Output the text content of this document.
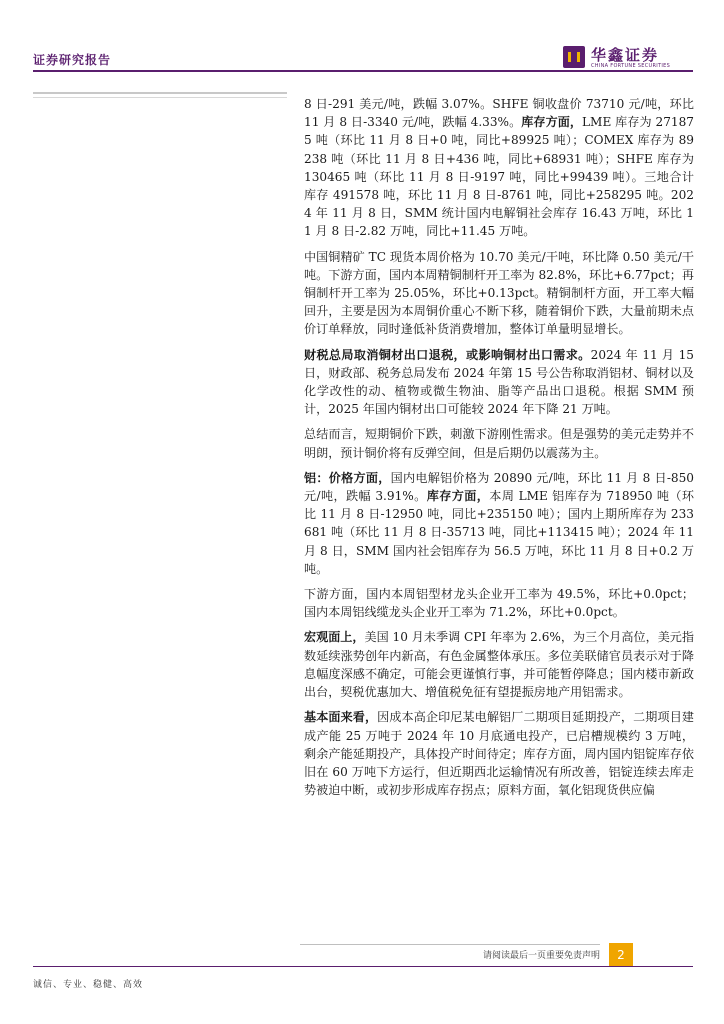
证券研究报告	华鑫证券
CHINA FORTUNE SECURITIES

8 日-291 美元/吨，跌幅 3.07%。SHFE 铜收盘价 73710 元/吨，环比 11 月 8 日-3340 元/吨，跌幅 4.33%。库存方面，LME 库存为 271875 吨（环比 11 月 8 日+0 吨，同比+89925 吨）；COMEX 库存为 89238 吨（环比 11 月 8 日+436 吨，同比+68931 吨）；SHFE 库存为 130465 吨（环比 11 月 8 日-9197 吨，同比+99439 吨）。三地合计库存 491578 吨，环比 11 月 8 日-8761 吨，同比+258295 吨。2024 年 11 月 8 日，SMM 统计国内电解铜社会库存 16.43 万吨，环比 11 月 8 日-2.82 万吨，同比+11.45 万吨。

中国铜精矿 TC 现货本周价格为 10.70 美元/干吨，环比降 0.50 美元/干吨。下游方面，国内本周精铜制杆开工率为 82.8%，环比+6.77pct；再铜制杆开工率为 25.05%，环比+0.13pct。精铜制杆方面，开工率大幅回升，主要是因为本周铜价重心不断下移，随着铜价下跌，大量前期未点价订单释放，同时逢低补货消费增加，整体订单量明显增长。

财税总局取消铜材出口退税，或影响铜材出口需求。2024 年 11 月 15 日，财政部、税务总局发布 2024 年第 15 号公告称取消铝材、铜材以及化学改性的动、植物或微生物油、脂等产品出口退税。根据 SMM 预计，2025 年国内铜材出口可能较 2024 年下降 21 万吨。

总结而言，短期铜价下跌，刺激下游刚性需求。但是强势的美元走势并不明朗，预计铜价将有反弹空间，但是后期仍以震荡为主。

铝：价格方面，国内电解铝价格为 20890 元/吨，环比 11 月 8 日-850 元/吨，跌幅 3.91%。库存方面，本周 LME 铝库存为 718950 吨（环比 11 月 8 日-12950 吨，同比+235150 吨）；国内上期所库存为 233681 吨（环比 11 月 8 日-35713 吨，同比+113415 吨）；2024 年 11 月 8 日，SMM 国内社会铝库存为 56.5 万吨，环比 11 月 8 日+0.2 万吨。

下游方面，国内本周铝型材龙头企业开工率为 49.5%，环比+0.0pct；国内本周铝线缆龙头企业开工率为 71.2%，环比+0.0pct。

宏观面上，美国 10 月未季调 CPI 年率为 2.6%，为三个月高位，美元指数延续涨势创年内新高，有色金属整体承压。多位美联储官员表示对于降息幅度深感不确定，可能会更谨慎行事，并可能暂停降息；国内楼市新政出台，契税优惠加大、增值税免征有望提振房地产用铝需求。

基本面来看，因成本高企印尼某电解铝厂二期项目延期投产，二期项目建成产能 25 万吨于 2024 年 10 月底通电投产，已启槽规模约 3 万吨，剩余产能延期投产，具体投产时间待定；库存方面，周内国内铝锭库存依旧在 60 万吨下方运行，但近期西北运输情况有所改善，铝锭连续去库走势被迫中断，或初步形成库存拐点；原料方面，氧化铝现货供应偏

请阅读最后一页重要免责声明	2
诚信、专业、稳健、高效
